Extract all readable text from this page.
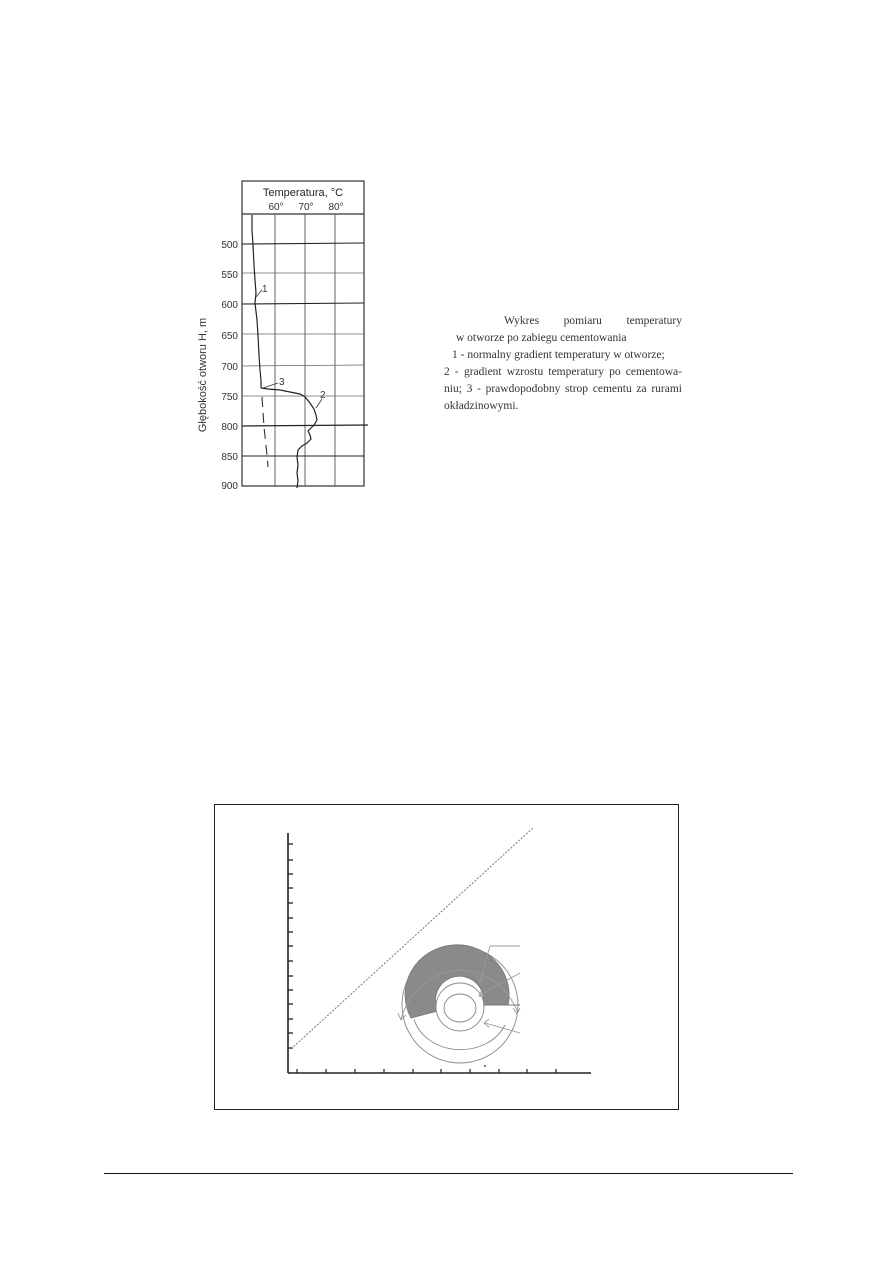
Temperatura, °C
60° 70° 80°
500
550
600
650
700
750
800
850
900
Głębokość otworu H, m
1
3
2
Wykres pomiaru temperatury
w otworze po zabiegu cementowania
1 - normalny gradient temperatury w otworze;
2 - gradient wzrostu temperatury po cementowa-niu; 3 - prawdopodobny strop cementu za rurami okładzinowymi.
